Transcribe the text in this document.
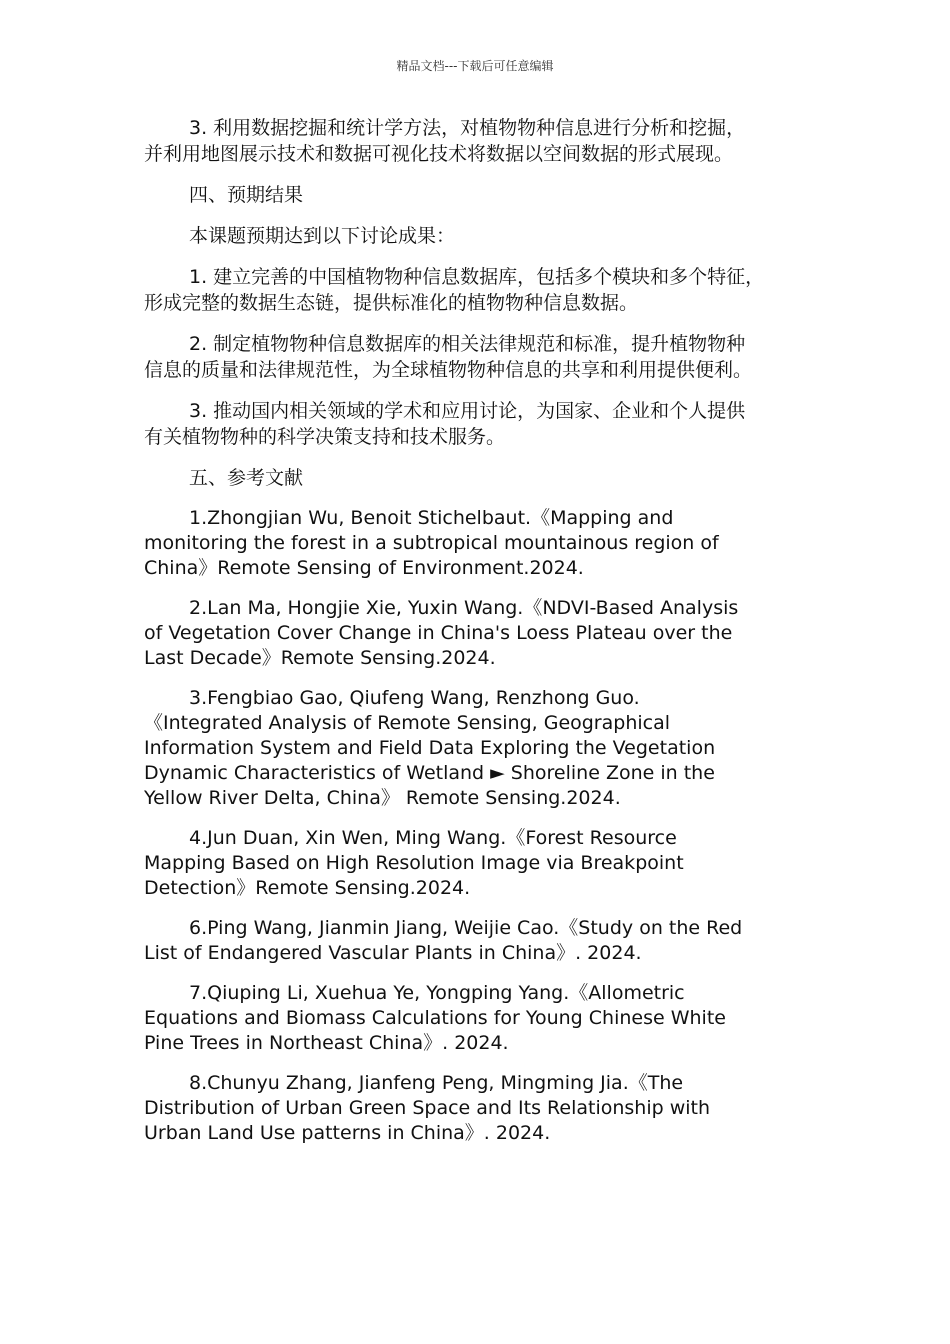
精品文档---下载后可任意编辑

3. 利用数据挖掘和统计学方法，对植物物种信息进行分析和挖掘，
并利用地图展示技术和数据可视化技术将数据以空间数据的形式展现。

四、预期结果

本课题预期达到以下讨论成果：

1. 建立完善的中国植物物种信息数据库，包括多个模块和多个特征，
形成完整的数据生态链，提供标准化的植物物种信息数据。

2. 制定植物物种信息数据库的相关法律规范和标准，提升植物物种
信息的质量和法律规范性，为全球植物物种信息的共享和利用提供便利。

3. 推动国内相关领域的学术和应用讨论，为国家、企业和个人提供
有关植物物种的科学决策支持和技术服务。

五、参考文献

1.Zhongjian Wu, Benoit Stichelbaut.《Mapping and
monitoring the forest in a subtropical mountainous region of
China》Remote Sensing of Environment.2024.

2.Lan Ma, Hongjie Xie, Yuxin Wang.《NDVI-Based Analysis
of Vegetation Cover Change in China's Loess Plateau over the
Last Decade》Remote Sensing.2024.

3.Fengbiao Gao, Qiufeng Wang, Renzhong Guo.
《Integrated Analysis of Remote Sensing, Geographical
Information System and Field Data Exploring the Vegetation
Dynamic Characteristics of Wetland ► Shoreline Zone in the
Yellow River Delta, China》 Remote Sensing.2024.

4.Jun Duan, Xin Wen, Ming Wang.《Forest Resource
Mapping Based on High Resolution Image via Breakpoint
Detection》Remote Sensing.2024.

6.Ping Wang, Jianmin Jiang, Weijie Cao.《Study on the Red
List of Endangered Vascular Plants in China》. 2024.

7.Qiuping Li, Xuehua Ye, Yongping Yang.《Allometric
Equations and Biomass Calculations for Young Chinese White
Pine Trees in Northeast China》. 2024.

8.Chunyu Zhang, Jianfeng Peng, Mingming Jia.《The
Distribution of Urban Green Space and Its Relationship with
Urban Land Use patterns in China》. 2024.
